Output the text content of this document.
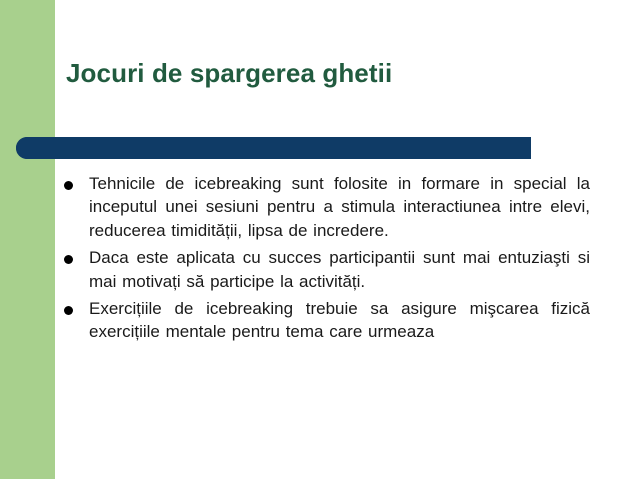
Jocuri de spargerea ghetii
Tehnicile de icebreaking sunt folosite in formare in special la inceputul unei sesiuni pentru a stimula interactiunea intre elevi, reducerea timidității, lipsa de incredere.
Daca este aplicata cu succes participantii sunt mai entuziaşti si mai motivați să participe la activități.
Exercițiile de icebreaking trebuie sa asigure mişcarea fizică exercițiile mentale pentru tema care urmeaza
